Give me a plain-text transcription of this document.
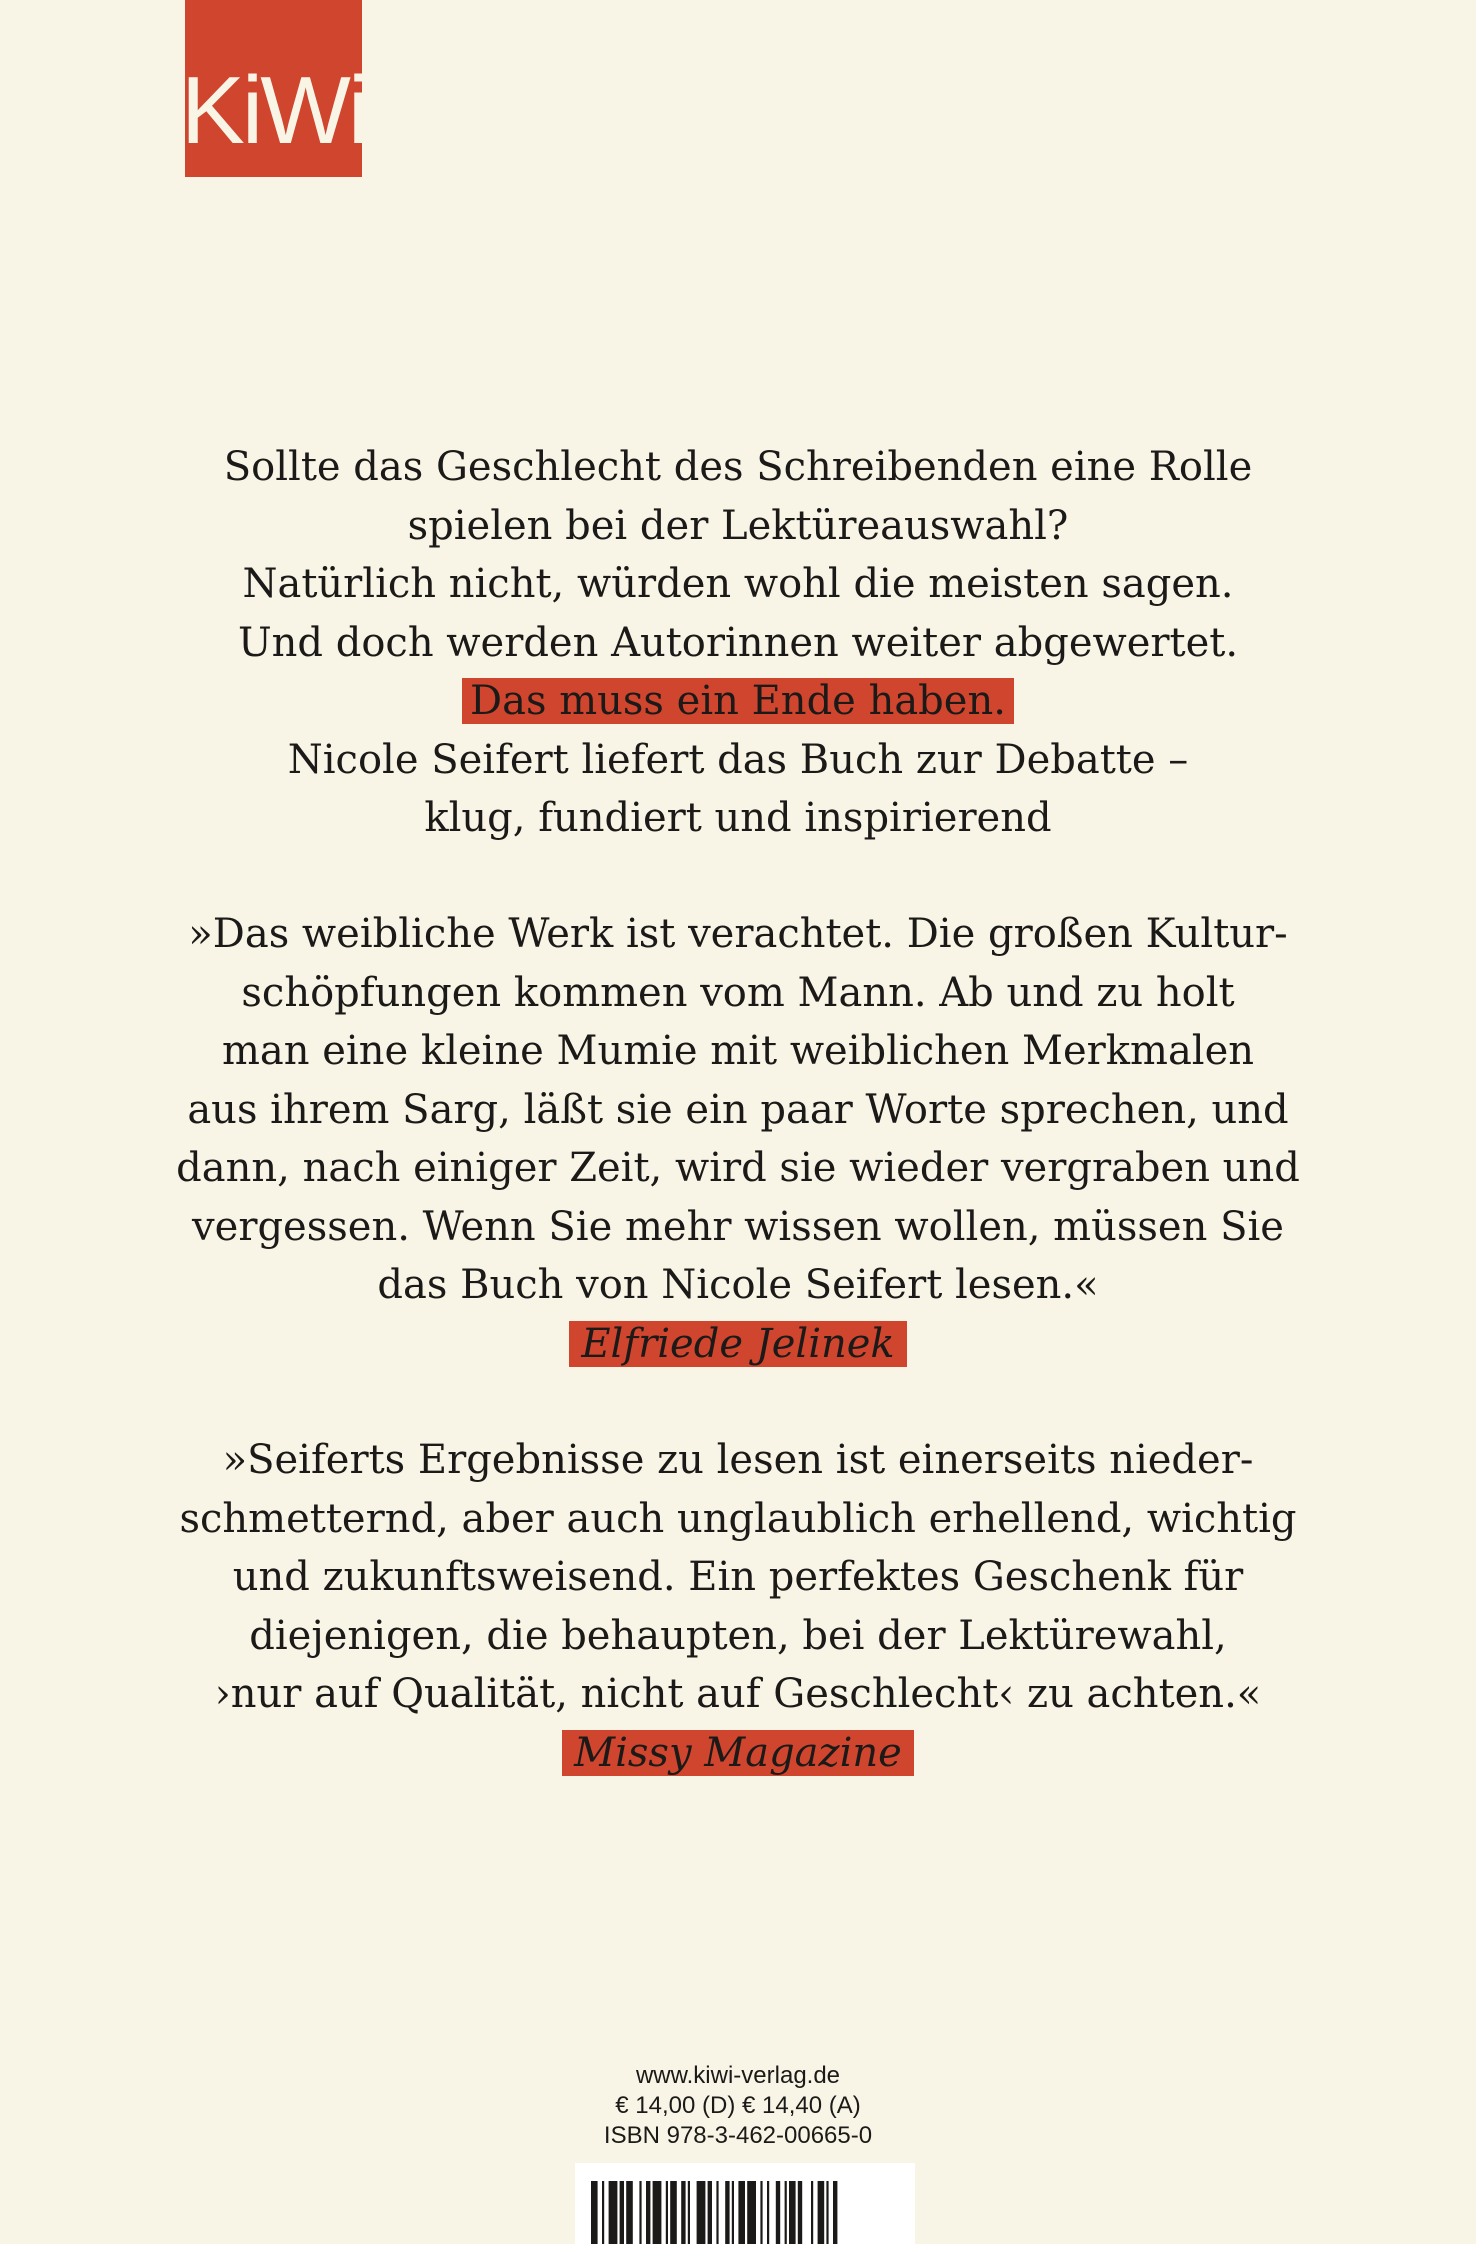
KiWi
Sollte das Geschlecht des Schreibenden eine Rolle
spielen bei der Lektüreauswahl?
Natürlich nicht, würden wohl die meisten sagen.
Und doch werden Autorinnen weiter abgewertet.
Das muss ein Ende haben.
Nicole Seifert liefert das Buch zur Debatte –
klug, fundiert und inspirierend
»Das weibliche Werk ist verachtet. Die großen Kultur-
schöpfungen kommen vom Mann. Ab und zu holt
man eine kleine Mumie mit weiblichen Merkmalen
aus ihrem Sarg, läßt sie ein paar Worte sprechen, und
dann, nach einiger Zeit, wird sie wieder vergraben und
vergessen. Wenn Sie mehr wissen wollen, müssen Sie
das Buch von Nicole Seifert lesen.«
Elfriede Jelinek
»Seiferts Ergebnisse zu lesen ist einerseits nieder-
schmetternd, aber auch unglaublich erhellend, wichtig
und zukunftsweisend. Ein perfektes Geschenk für
diejenigen, die behaupten, bei der Lektürewahl,
›nur auf Qualität, nicht auf Geschlecht‹ zu achten.«
Missy Magazine
www.kiwi-verlag.de
€ 14,00 (D) € 14,40 (A)
ISBN 978-3-462-00665-0
